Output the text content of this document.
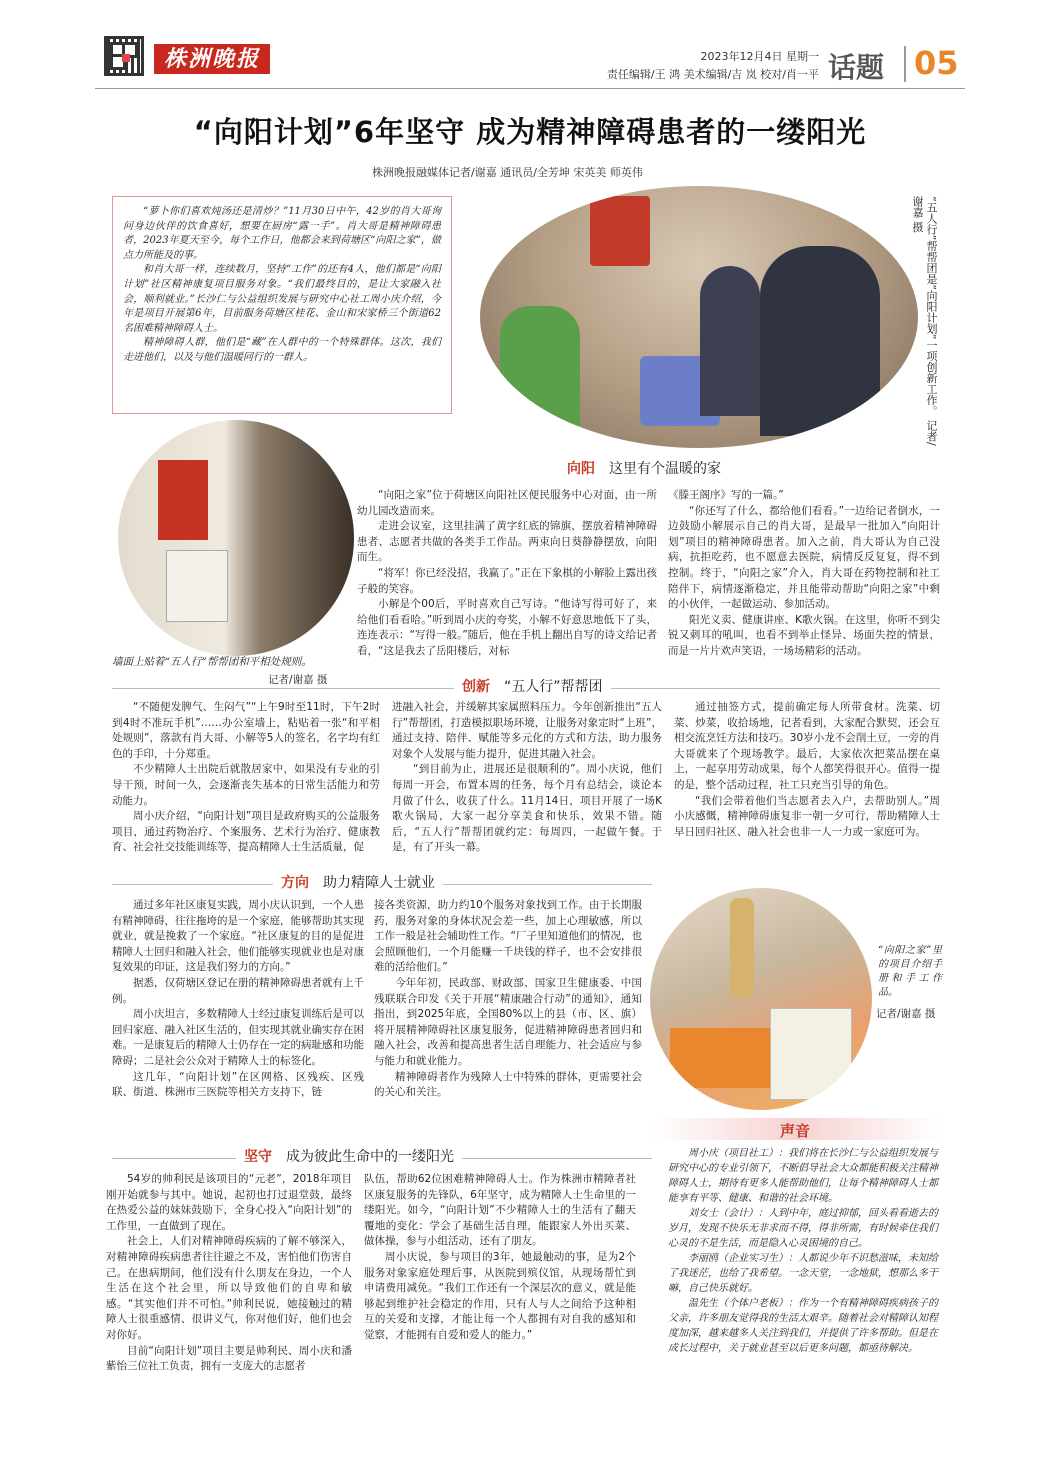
株洲晚报	2023年12月4日 星期一
责任编辑/王 鸿 美术编辑/吉 岚 校对/肖一平 话题 05
“向阳计划”6年坚守 成为精神障碍患者的一缕阳光
株洲晚报融媒体记者/谢嘉 通讯员/全芳坤 宋英美 师英伟

“萝卜你们喜欢炖汤还是清炒？”11月30日中午，42岁的肖大哥询问身边伙伴的饮食喜好，想要在厨房“露一手”。肖大哥是精神障碍患者，2023年夏天至今，每个工作日，他都会来到荷塘区“向阳之家”，做点力所能及的事。

和肖大哥一样，连续数月，坚持“工作”的还有4人，他们都是“向阳计划”社区精神康复项目服务对象。“我们最终目的，是让大家融入社会，顺利就业。”长沙仁与公益组织发展与研究中心社工周小庆介绍，今年是项目开展第6年，目前服务荷塘区桂花、金山和宋家桥三个街道62名困难精神障碍人士。

精神障碍人群，他们是“藏”在人群中的一个特殊群体。这次，我们走进他们，以及与他们温暖同行的一群人。	“五人行”帮帮团是“向阳计划”一项创新工作。 记者/谢嘉 摄
墙面上贴着“五人行”帮帮团和平相处规则。
记者/谢嘉 摄
向阳 这里有个温暖的家

“向阳之家”位于荷塘区向阳社区便民服务中心对面，由一所幼儿园改造而来。

走进会议室，这里挂满了黄字红底的锦旗，摆放着精神障碍患者、志愿者共做的各类手工作品。两束向日葵静静摆放，向阳而生。

“将军！你已经没招，我赢了。”正在下象棋的小解脸上露出孩子般的笑容。

小解是个00后，平时喜欢自己写诗。“他诗写得可好了，来给他们看看哈。”听到周小庆的夸奖，小解不好意思地低下了头，连连表示：“写得一般。”随后，他在手机上翻出自写的诗文给记者看，“这是我去了岳阳楼后，对标

《滕王阁序》写的一篇。”

“你还写了什么，都给他们看看。”一边给记者倒水，一边鼓励小解展示自己的肖大哥，是最早一批加入“向阳计划”项目的精神障碍患者。加入之前，肖大哥认为自己没病，抗拒吃药，也不愿意去医院，病情反反复复，得不到控制。终于，“向阳之家”介入，肖大哥在药物控制和社工陪伴下，病情逐渐稳定，并且能带动帮助“向阳之家”中剩的小伙伴，一起做运动、参加活动。

阳光义卖、健康讲座、K歌火锅。在这里，你听不到尖锐又刺耳的吼叫，也看不到举止怪异、场面失控的情景，而是一片片欢声笑语，一场场精彩的活动。

创新 “五人行”帮帮团

“不随便发脾气、生闷气”“上午9时至11时，下午2时到4时不准玩手机”……办公室墙上，粘贴着一张“和平相处规则”，落款有肖大哥、小解等5人的签名，名字均有红色的手印，十分郑重。

不少精障人士出院后就散居家中，如果没有专业的引导干预，时间一久，会逐渐丧失基本的日常生活能力和劳动能力。

周小庆介绍，“向阳计划”项目是政府购买的公益服务项目，通过药物治疗、个案服务、艺术行为治疗、健康教育、社会社交技能训练等，提高精障人士生活质量，促

进融入社会，并缓解其家属照料压力。今年创新推出“五人行”帮帮团，打造模拟职场环境，让服务对象定时“上班”，通过支持、陪伴、赋能等多元化的方式和方法，助力服务对象个人发展与能力提升，促进其融入社会。

“到目前为止，进展还是很顺利的”。周小庆说，他们每周一开会，布置本周的任务，每个月有总结会，谈论本月做了什么，收获了什么。11月14日，项目开展了一场K歌火锅局，大家一起分享美食和快乐，效果不错。随后，“五人行”帮帮团就约定：每周四，一起做午餐。于是，有了开头一幕。

通过抽签方式，提前确定每人所带食材。洗菜、切菜、炒菜，收拾场地，记者看到，大家配合默契，还会互相交流烹饪方法和技巧。30岁小龙不会削土豆，一旁的肖大哥就来了个现场教学。最后，大家依次把菜品摆在桌上，一起享用劳动成果，每个人都笑得很开心。值得一提的是，整个活动过程，社工只充当引导的角色。

“我们会带着他们当志愿者去入户，去帮助别人。”周小庆感慨，精神障碍康复非一朝一夕可行，帮助精障人士早日回归社区、融入社会也非一人一力或一家庭可为。

方向 助力精障人士就业

通过多年社区康复实践，周小庆认识到，一个人患有精神障碍，往往拖垮的是一个家庭，能够帮助其实现就业，就是挽救了一个家庭。“社区康复的目的是促进精障人士回归和融入社会，他们能够实现就业也是对康复效果的印证，这是我们努力的方向。”

据悉，仅荷塘区登记在册的精神障碍患者就有上千例。

周小庆坦言，多数精障人士经过康复训练后是可以回归家庭、融入社区生活的，但实现其就业确实存在困难。一是康复后的精障人士仍存在一定的病耻感和功能障碍；二是社会公众对于精障人士的标签化。

这几年，“向阳计划”在区网格、区残疾、区残联、街道、株洲市三医院等相关方支持下，链

接各类资源，助力约10个服务对象找到工作。由于长期服药，服务对象的身体状况会差一些，加上心理敏感，所以工作一般是社会辅助性工作。“厂子里知道他们的情况，也会照顾他们，一个月能赚一千块钱的样子，也不会安排很难的活给他们。”

今年年初，民政部、财政部、国家卫生健康委、中国残联联合印发《关于开展“精康融合行动”的通知》，通知指出，到2025年底，全国80%以上的县（市、区、旗）将开展精神障碍社区康复服务，促进精神障碍患者回归和融入社会，改善和提高患者生活自理能力、社会适应与参与能力和就业能力。

精神障碍者作为残障人士中特殊的群体，更需要社会的关心和关注。

“向阳之家”里的项目介绍手册和手工作品。
记者/谢嘉 摄
声音

周小庆（项目社工）：我们将在长沙仁与公益组织发展与研究中心的专业引领下，不断倡导社会大众都能积极关注精神障碍人士，期待有更多人能帮助他们，让每个精神障碍人士都能享有平等、健康、和谐的社会环境。

刘女士（会计）：人到中年，庭过抑郁，回头看看逝去的岁月，发现不快乐无非求而不得，得非所需，有时候牵住我们心灵的不是生活，而是隐入心灵困境的自己。

李丽鸥（企业实习生）：人都说少年不识愁滋味，未知给了我迷茫，也给了我希望。一念天堂，一念地狱，想那么多干嘛，自己快乐就好。

温先生（个体户老板）：作为一个有精神障碍疾病孩子的父亲，许多朋友觉得我的生活太艰辛。随着社会对精障认知程度加深，越来越多人关注到我们，并提供了许多帮助。但是在成长过程中，关于就业甚至以后更多问题，都亟待解决。

坚守 成为彼此生命中的一缕阳光

54岁的帅利民是该项目的“元老”，2018年项目刚开始就参与其中。她说，起初也打过退堂鼓，最终在热爱公益的妹妹鼓励下，全身心投入“向阳计划”的工作里，一直做到了现在。

社会上，人们对精神障碍疾病的了解不够深入，对精神障碍疾病患者往往避之不及，害怕他们伤害自己。在患病期间，他们没有什么朋友在身边，一个人生活在这个社会里，所以导致他们的自卑和敏感。“其实他们并不可怕。”帅利民说，她接触过的精障人士很重感情、很讲义气，你对他们好，他们也会对你好。

目前“向阳计划”项目主要是帅利民、周小庆和潘紫怡三位社工负责，拥有一支庞大的志愿者

队伍，帮助62位困难精神障碍人士。作为株洲市精障者社区康复服务的先锋队，6年坚守，成为精障人士生命里的一缕阳光。如今，“向阳计划”不少精障人士的生活有了翻天覆地的变化：学会了基础生活自理，能跟家人外出买菜、做体操，参与小组活动，还有了朋友。

周小庆说，参与项目的3年，她最触动的事，是为2个服务对象家庭处理后事，从医院到殡仪馆，从现场帮忙到申请费用减免。“我们工作还有一个深层次的意义，就是能够起到维护社会稳定的作用，只有人与人之间给予这种相互的关爱和支撑，才能让每一个人都拥有对自我的感知和觉察，才能拥有自爱和爱人的能力。”
